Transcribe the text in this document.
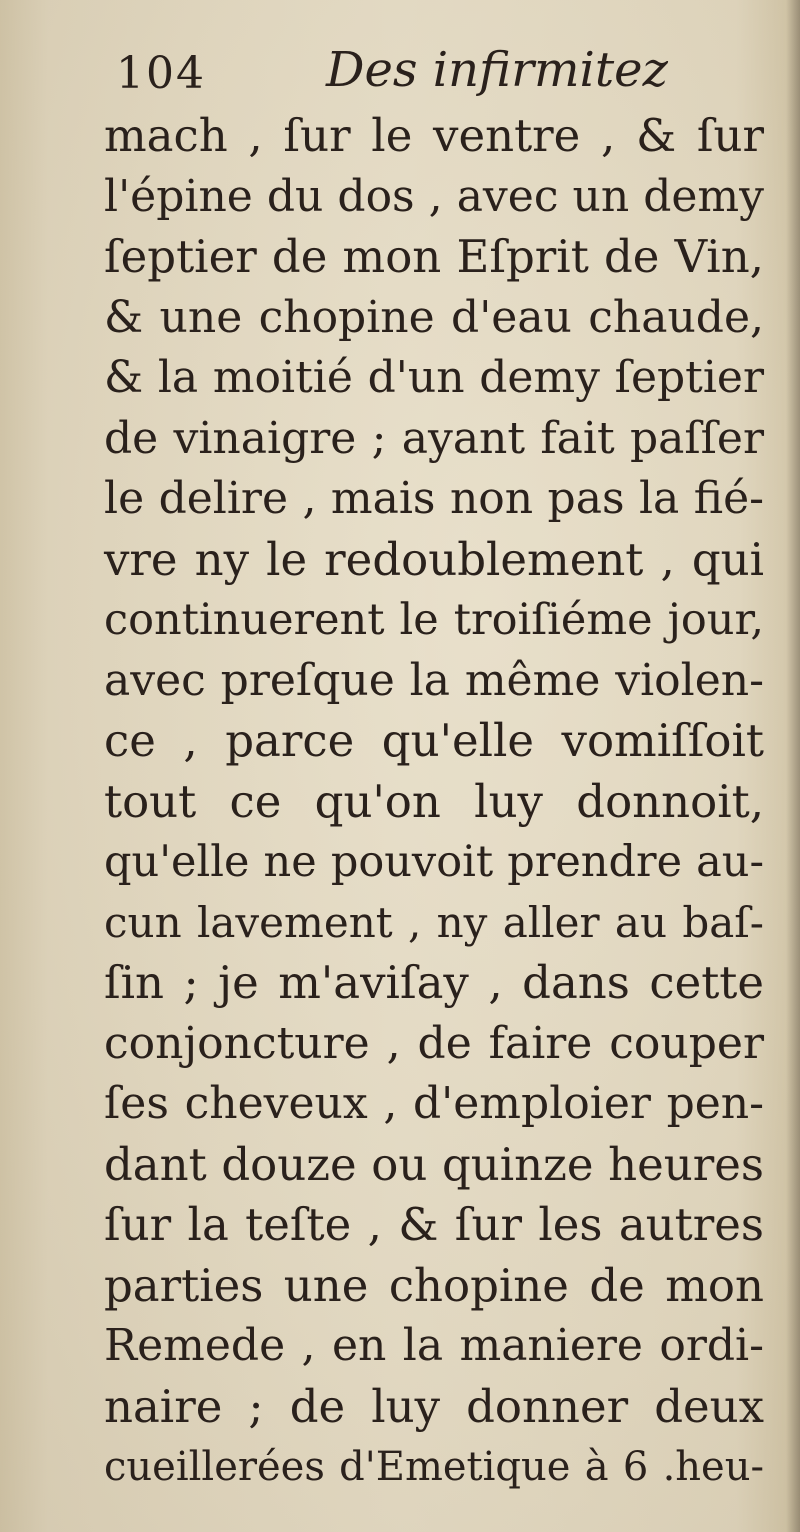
104	Des infirmitez
mach , ſur le ventre , & ſur
l'épine du dos , avec un demy
ſeptier de mon Eſprit de Vin,
& une chopine d'eau chaude,
& la moitié d'un demy ſeptier
de vinaigre ; ayant fait paſſer
le delire , mais non pas la fié-
vre ny le redoublement , qui
continuerent le troiſiéme jour,
avec preſque la même violen-
ce , parce qu'elle vomiſſoit
tout ce qu'on luy donnoit,
qu'elle ne pouvoit prendre au-
cun lavement , ny aller au baſ-
ſin ; je m'aviſay , dans cette
conjoncture , de faire couper
ſes cheveux , d'emploier pen-
dant douze ou quinze heures
ſur la teſte , & ſur les autres
parties une chopine de mon
Remede , en la maniere ordi-
naire ; de luy donner deux
cueillerées d'Emetique à 6 .heu-
